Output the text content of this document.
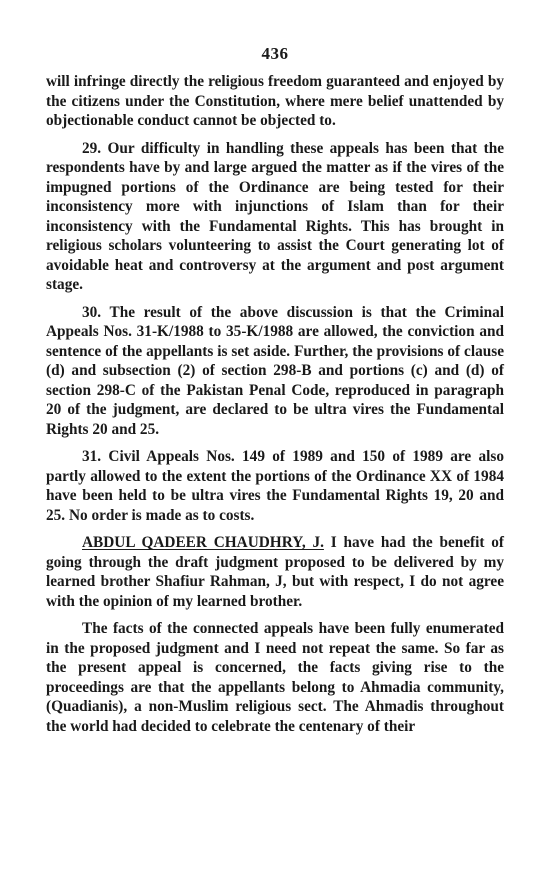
436

will infringe directly the religious freedom guaranteed and enjoyed by the citizens under the Constitution, where mere belief unattended by objectionable conduct cannot be objected to.

29. Our difficulty in handling these appeals has been that the respondents have by and large argued the matter as if the vires of the impugned portions of the Ordinance are being tested for their inconsistency more with injunctions of Islam than for their inconsistency with the Fundamental Rights. This has brought in religious scholars volunteering to assist the Court generating lot of avoidable heat and controversy at the argument and post argument stage.

30. The result of the above discussion is that the Criminal Appeals Nos. 31-K/1988 to 35-K/1988 are allowed, the conviction and sentence of the appellants is set aside. Further, the provisions of clause (d) and subsection (2) of section 298-B and portions (c) and (d) of section 298-C of the Pakistan Penal Code, reproduced in paragraph 20 of the judgment, are declared to be ultra vires the Fundamental Rights 20 and 25.

31. Civil Appeals Nos. 149 of 1989 and 150 of 1989 are also partly allowed to the extent the portions of the Ordinance XX of 1984 have been held to be ultra vires the Fundamental Rights 19, 20 and 25. No order is made as to costs.

ABDUL QADEER CHAUDHRY, J. I have had the benefit of going through the draft judgment proposed to be delivered by my learned brother Shafiur Rahman, J, but with respect, I do not agree with the opinion of my learned brother.

The facts of the connected appeals have been fully enumerated in the proposed judgment and I need not repeat the same. So far as the present appeal is concerned, the facts giving rise to the proceedings are that the appellants belong to Ahmadia community, (Quadianis), a non-Muslim religious sect. The Ahmadis throughout the world had decided to celebrate the centenary of their
